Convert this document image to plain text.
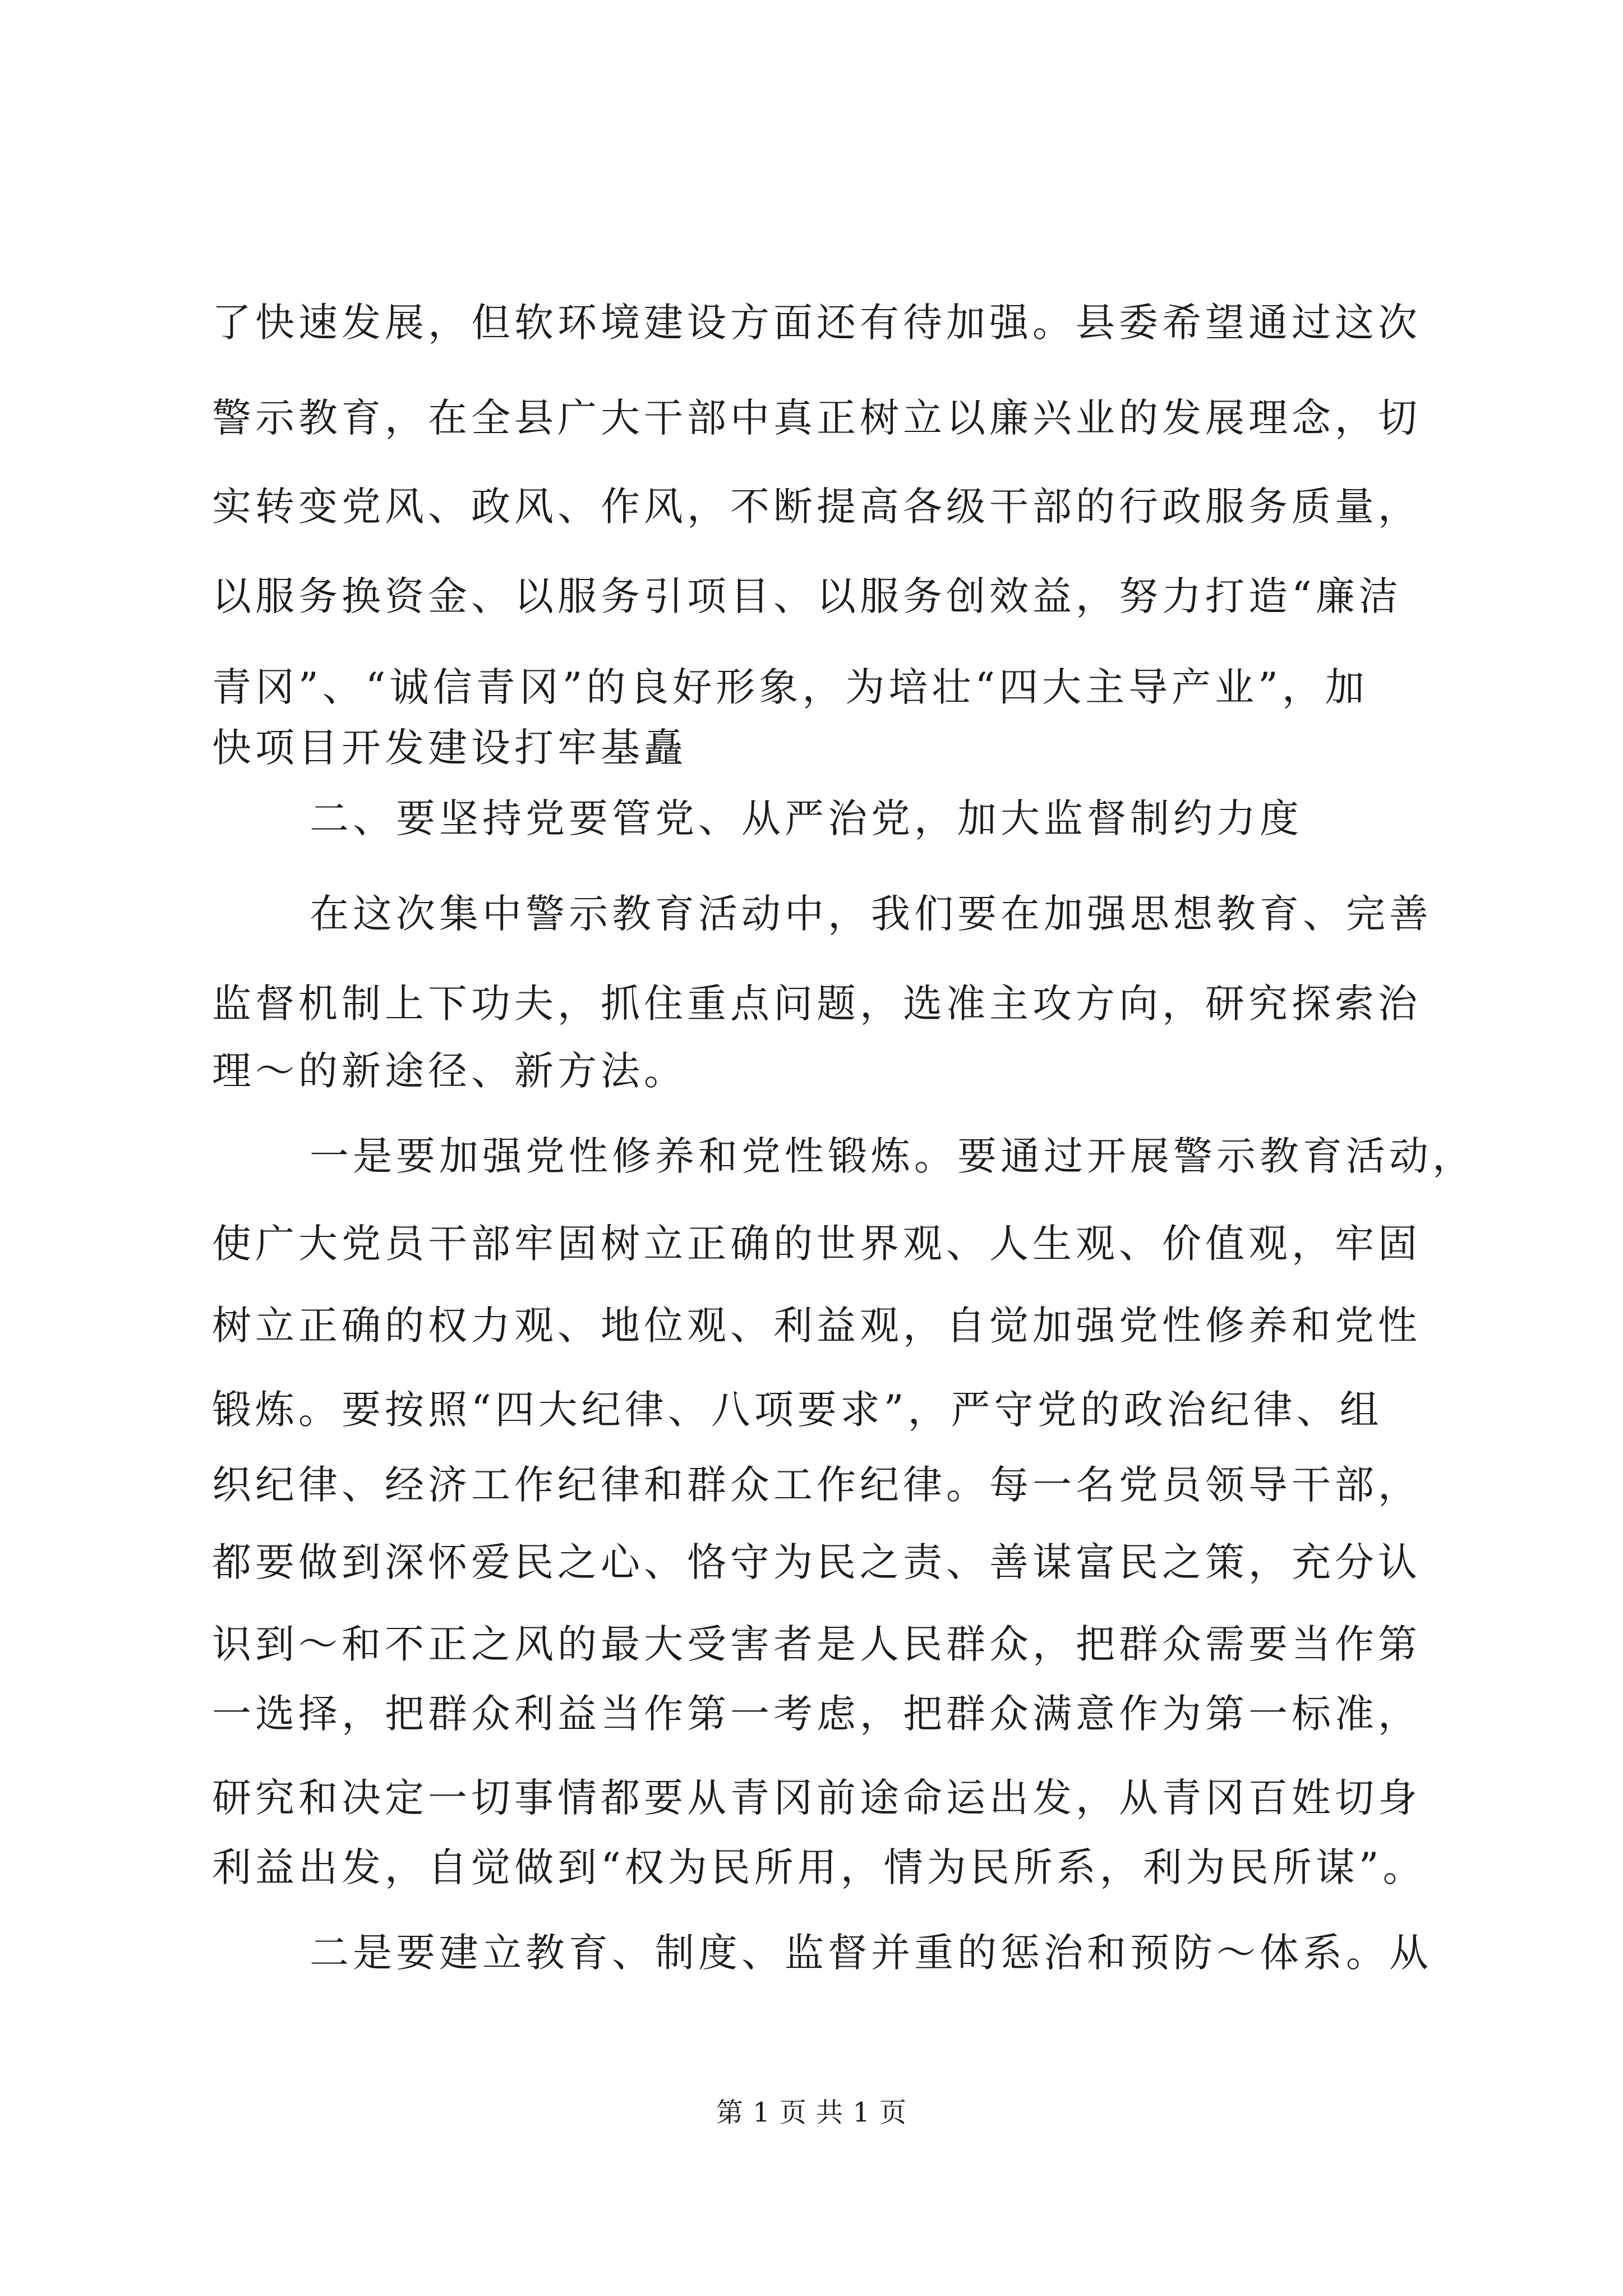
了快速发展，但软环境建设方面还有待加强。县委希望通过这次
警示教育，在全县广大干部中真正树立以廉兴业的发展理念，切
实转变党风、政风、作风，不断提高各级干部的行政服务质量，
以服务换资金、以服务引项目、以服务创效益，努力打造“廉洁
青冈”、“诚信青冈”的良好形象，为培壮“四大主导产业”，加
快项目开发建设打牢基矗
二、要坚持党要管党、从严治党，加大监督制约力度
在这次集中警示教育活动中，我们要在加强思想教育、完善
监督机制上下功夫，抓住重点问题，选准主攻方向，研究探索治
理～的新途径、新方法。
一是要加强党性修养和党性锻炼。要通过开展警示教育活动，
使广大党员干部牢固树立正确的世界观、人生观、价值观，牢固
树立正确的权力观、地位观、利益观，自觉加强党性修养和党性
锻炼。要按照“四大纪律、八项要求”，严守党的政治纪律、组
织纪律、经济工作纪律和群众工作纪律。每一名党员领导干部，
都要做到深怀爱民之心、恪守为民之责、善谋富民之策，充分认
识到～和不正之风的最大受害者是人民群众，把群众需要当作第
一选择，把群众利益当作第一考虑，把群众满意作为第一标准，
研究和决定一切事情都要从青冈前途命运出发，从青冈百姓切身
利益出发，自觉做到“权为民所用，情为民所系，利为民所谋”。
二是要建立教育、制度、监督并重的惩治和预防～体系。从
第 1 页 共 1 页
